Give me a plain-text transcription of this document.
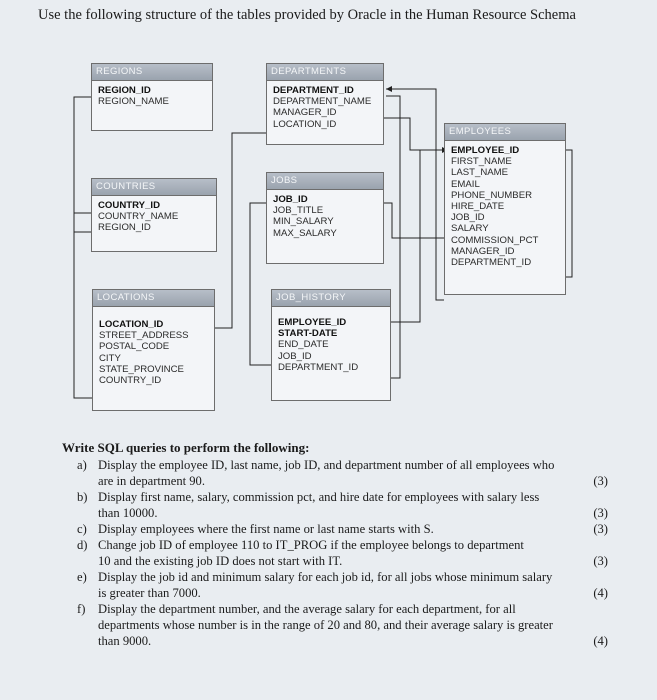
Use the following structure of the tables provided by Oracle in the Human Resource Schema
REGIONS
REGION_ID
REGION_NAME
DEPARTMENTS
DEPARTMENT_ID
DEPARTMENT_NAME
MANAGER_ID
LOCATION_ID
EMPLOYEES
EMPLOYEE_ID
FIRST_NAME
LAST_NAME
EMAIL
PHONE_NUMBER
HIRE_DATE
JOB_ID
SALARY
COMMISSION_PCT
MANAGER_ID
DEPARTMENT_ID
COUNTRIES
COUNTRY_ID
COUNTRY_NAME
REGION_ID
JOBS
JOB_ID
JOB_TITLE
MIN_SALARY
MAX_SALARY
LOCATIONS
LOCATION_ID
STREET_ADDRESS
POSTAL_CODE
CITY
STATE_PROVINCE
COUNTRY_ID
JOB_HISTORY
EMPLOYEE_ID
START-DATE
END_DATE
JOB_ID
DEPARTMENT_ID
Write SQL queries to perform the following:
a) Display the employee ID, last name, job ID, and department number of all employees who
are in department 90.	(3)
b) Display first name, salary, commission pct, and hire date for employees with salary less
than 10000.	(3)
c) Display employees where the first name or last name starts with S.	(3)
d) Change job ID of employee 110 to IT_PROG if the employee belongs to department
10 and the existing job ID does not start with IT.	(3)
e) Display the job id and minimum salary for each job id, for all jobs whose minimum salary
is greater than 7000.	(4)
f) Display the department number, and the average salary for each department, for all
departments whose number is in the range of 20 and 80, and their average salary is greater
than 9000.	(4)
